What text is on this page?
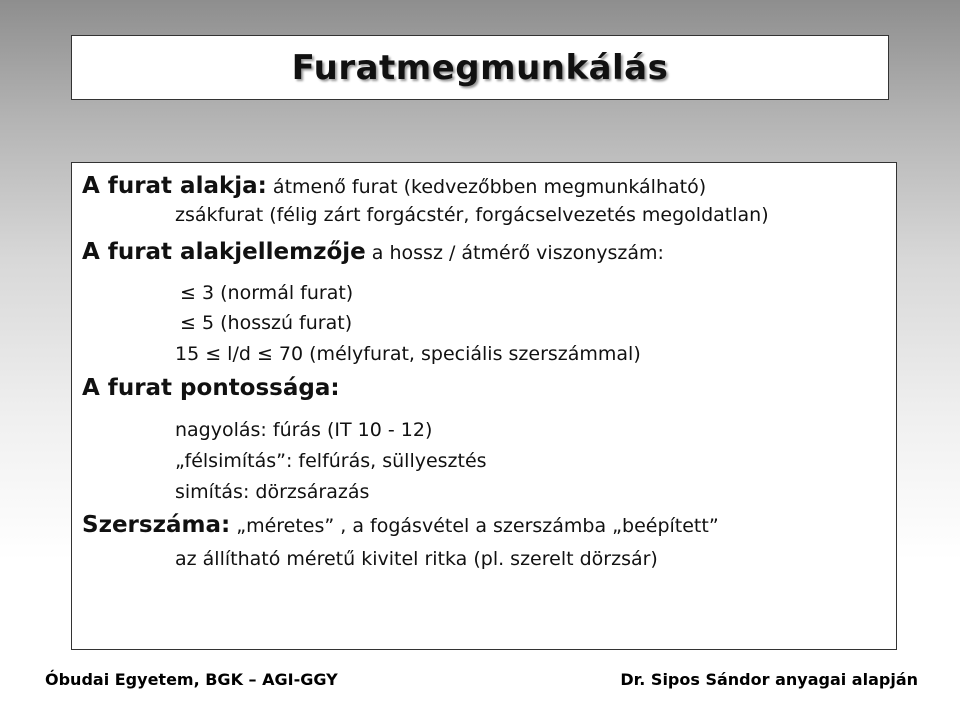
Furatmegmunkálás
A furat alakja: átmenő furat (kedvezőbben megmunkálható)
zsákfurat (félig zárt forgácstér, forgácselvezetés megoldatlan)
A furat alakjellemzője a hossz / átmérő viszonyszám:
≤ 3 (normál furat)
≤ 5 (hosszú furat)
15 ≤ l/d ≤ 70 (mélyfurat, speciális szerszámmal)
A furat pontossága:
nagyolás: fúrás (IT 10 - 12)
„félsimítás”: felfúrás, süllyesztés
simítás: dörzsárazás
Szerszáma: „méretes” , a fogásvétel a szerszámba „beépített”
az állítható méretű kivitel ritka (pl. szerelt dörzsár)
Óbudai Egyetem, BGK – AGI-GGY	Dr. Sipos Sándor anyagai alapján
